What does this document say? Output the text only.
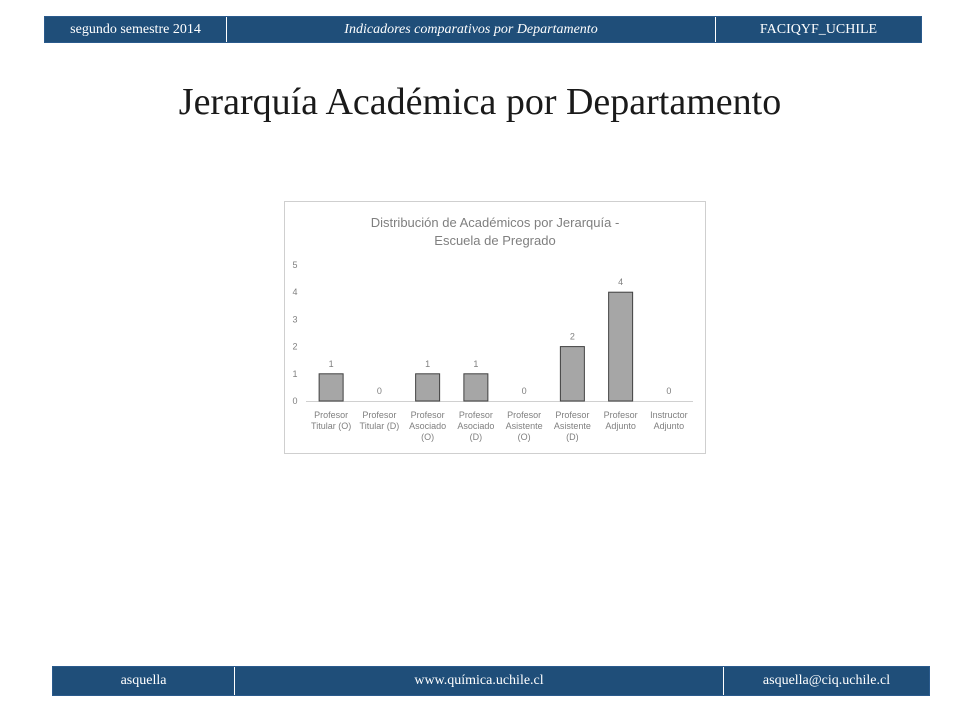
segundo semestre 2014	Indicadores comparativos por Departamento	FACIQYF_UCHILE
Jerarquía Académica por Departamento
Distribución de Académicos por Jerarquía -
Escuela de Pregrado
0
1
2
3
4
5
1
Profesor
Titular (O)
0
Profesor
Titular (D)
1
Profesor
Asociado
(O)
1
Profesor
Asociado
(D)
0
Profesor
Asistente
(O)
2
Profesor
Asistente
(D)
4
Profesor
Adjunto
0
Instructor
Adjunto
asquella	www.química.uchile.cl	asquella@ciq.uchile.cl
